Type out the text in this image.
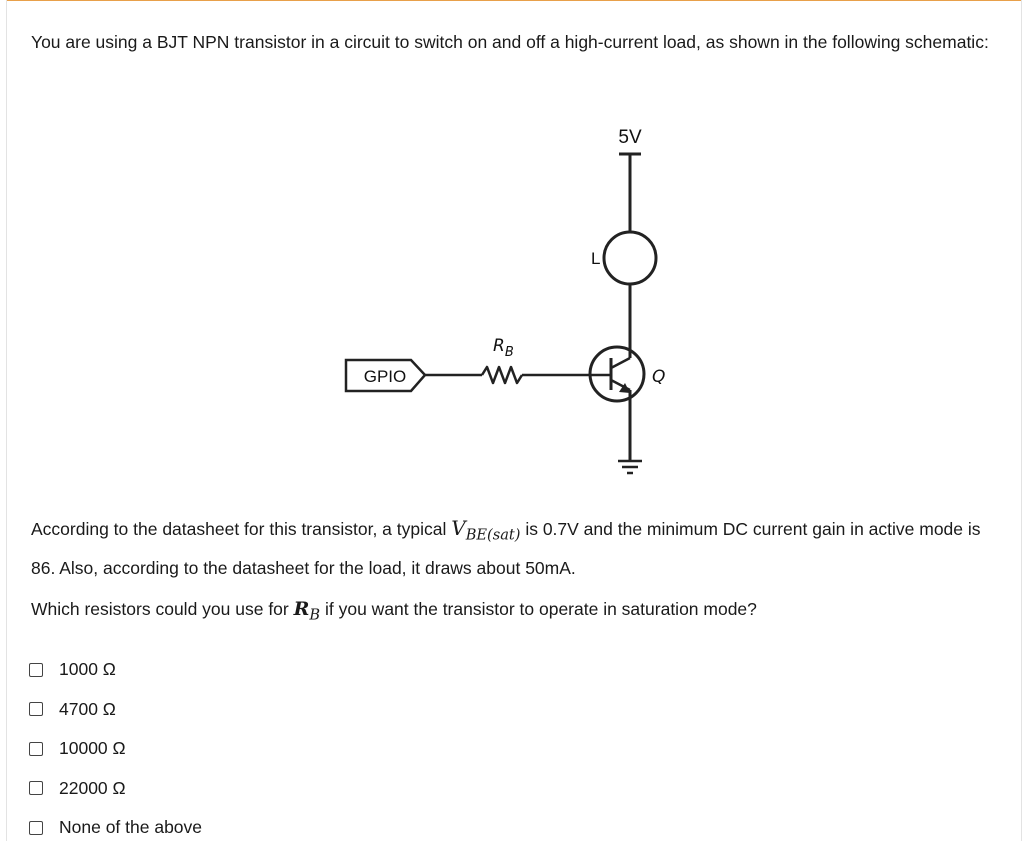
You are using a BJT NPN transistor in a circuit to switch on and off a high-current load, as shown in the following schematic:

5V
L
Q
GPIO
$R_B$

According to the datasheet for this transistor, a typical $V_{BE(sat)}$ is 0.7V and the minimum DC current gain in active mode is 86. Also, according to the datasheet for the load, it draws about 50mA.

Which resistors could you use for $R_B$ if you want the transistor to operate in saturation mode?

1000 Ω
4700 Ω
10000 Ω
22000 Ω
None of the above
